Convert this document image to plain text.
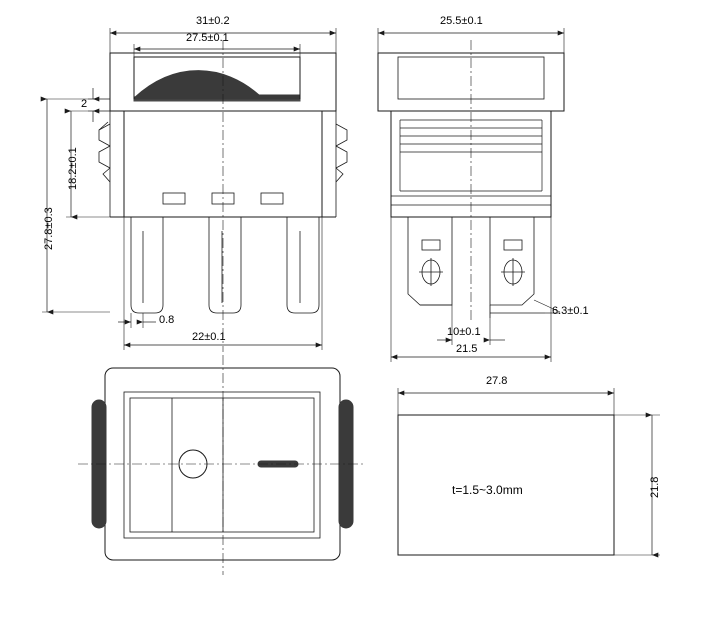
31±0.2
27.5±0.1
2
18.2±0.1
27.8±0.3
0.8
22±0.1
25.5±0.1
6.3±0.1
10±0.1
21.5
27.8
21.8
t=1.5~3.0mm
